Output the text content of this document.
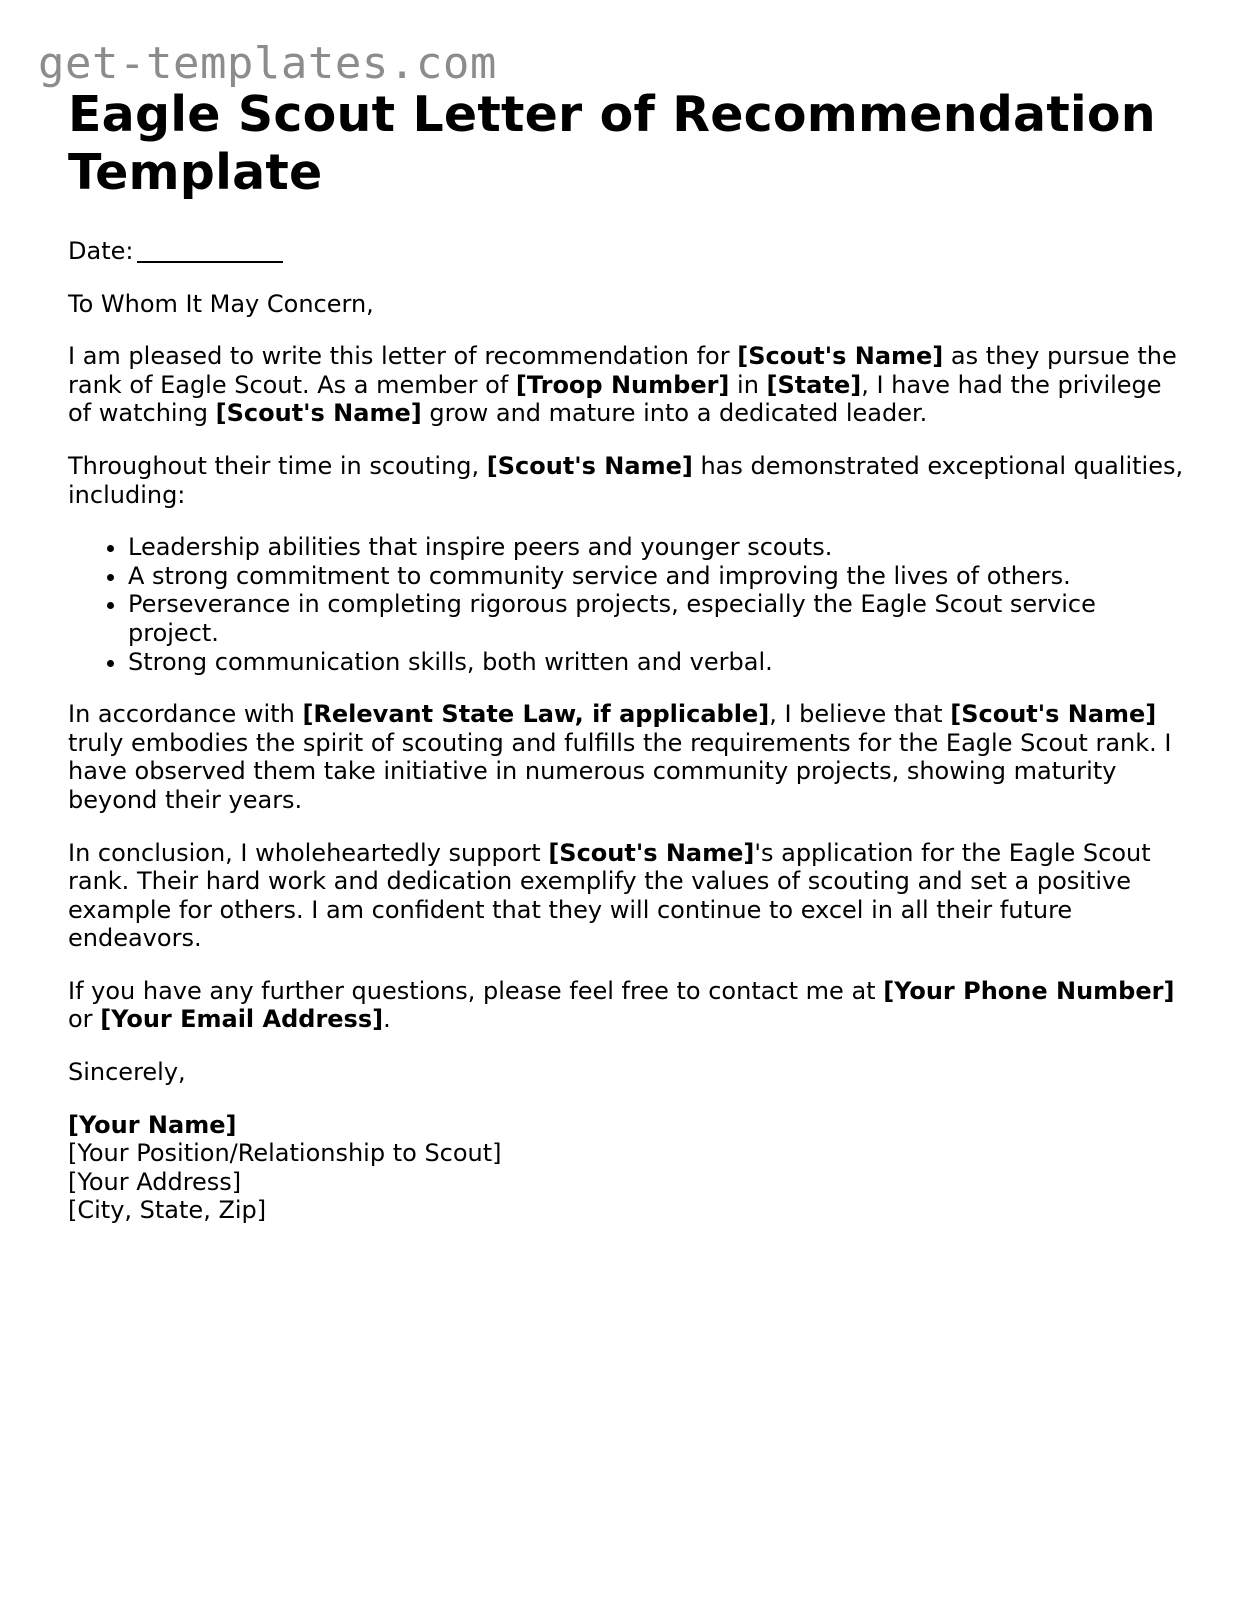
get-templates.com
Eagle Scout Letter of Recommendation Template

Date:

To Whom It May Concern,

I am pleased to write this letter of recommendation for [Scout's Name] as they pursue the rank of Eagle Scout. As a member of [Troop Number] in [State], I have had the privilege of watching [Scout's Name] grow and mature into a dedicated leader.

Throughout their time in scouting, [Scout's Name] has demonstrated exceptional qualities, including:

• Leadership abilities that inspire peers and younger scouts.
• A strong commitment to community service and improving the lives of others.
• Perseverance in completing rigorous projects, especially the Eagle Scout service project.
• Strong communication skills, both written and verbal.

In accordance with [Relevant State Law, if applicable], I believe that [Scout's Name] truly embodies the spirit of scouting and fulfills the requirements for the Eagle Scout rank. I have observed them take initiative in numerous community projects, showing maturity beyond their years.

In conclusion, I wholeheartedly support [Scout's Name]'s application for the Eagle Scout rank. Their hard work and dedication exemplify the values of scouting and set a positive example for others. I am confident that they will continue to excel in all their future endeavors.

If you have any further questions, please feel free to contact me at [Your Phone Number] or [Your Email Address].

Sincerely,

[Your Name]

[Your Position/Relationship to Scout]

[Your Address]

[City, State, Zip]
